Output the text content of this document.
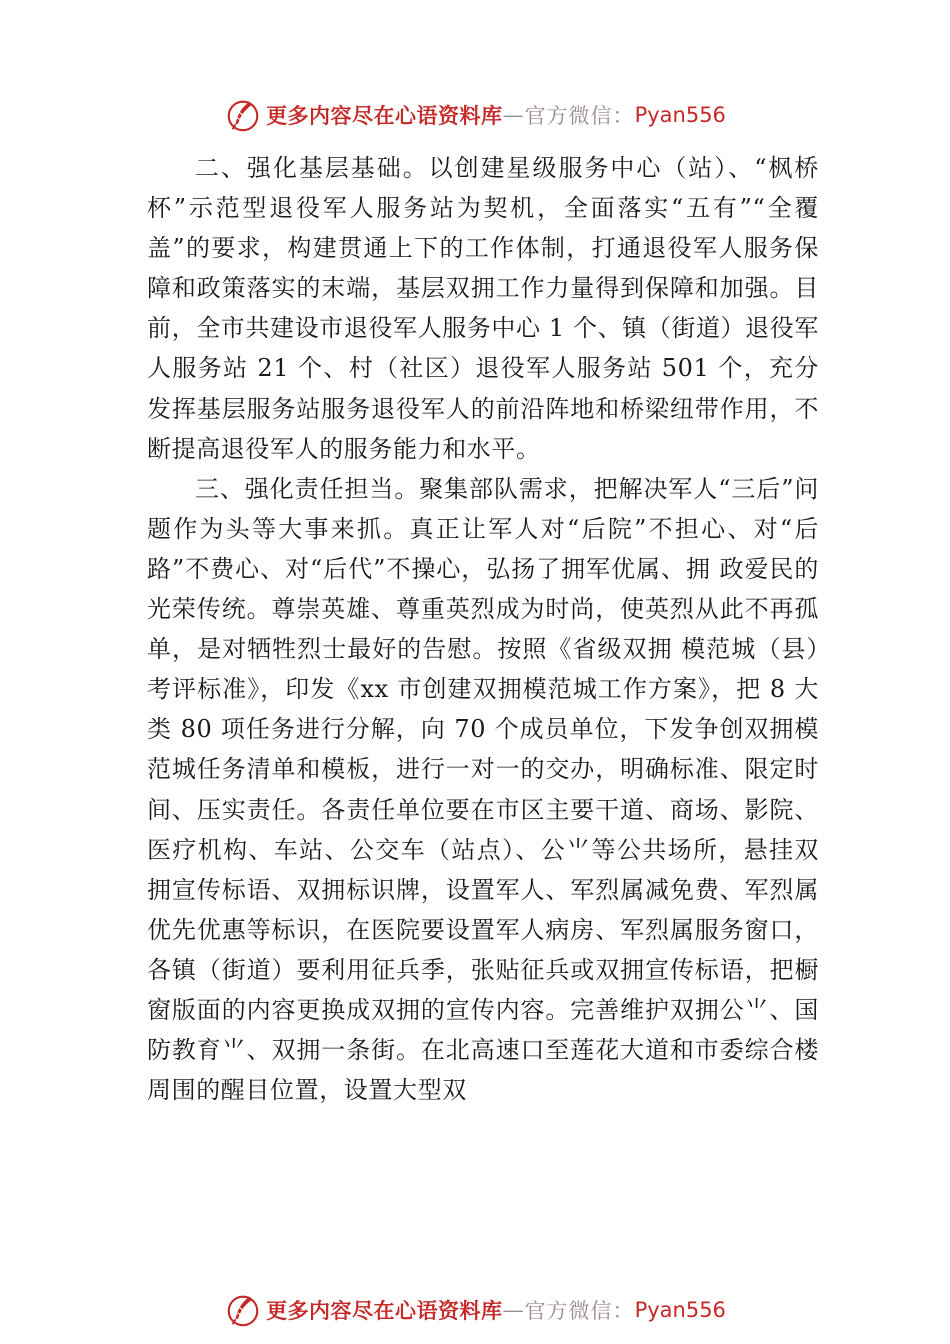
更多内容尽在心语资料库 — 官方微信： Pyan556

二、强化基层基础。以创建星级服务中心（站）、“枫桥杯”示范型退役军人服务站为契机，全面落实“五有”“全覆盖”的要求，构建贯通上下的工作体制，打通退役军人服务保障和政策落实的末端，基层双拥工作力量得到保障和加强。目前，全市共建设市退役军人服务中心 1 个、镇（街道）退役军人服务站 21 个、村（社区）退役军人服务站 501 个，充分发挥基层服务站服务退役军人的前沿阵地和桥梁纽带作用，不断提高退役军人的服务能力和水平。

三、强化责任担当。聚集部队需求，把解决军人“三后”问题作为头等大事来抓。真正让军人对“后院”不担心、对“后路”不费心、对“后代”不操心，弘扬了拥军优属、拥 政爱民的光荣传统。尊崇英雄、尊重英烈成为时尚，使英烈从此不再孤单，是对牺牲烈士最好的告慰。按照《省级双拥 模范城（县）考评标准》，印发《xx 市创建双拥模范城工作方案》，把 8 大类 80 项任务进行分解，向 70 个成员单位，下发争创双拥模范城任务清单和模板，进行一对一的交办，明确标准、限定时间、压实责任。各责任单位要在市区主要干道、商场、影院、医疗机构、车站、公交车（站点）、公⺌等公共场所，悬挂双拥宣传标语、双拥标识牌，设置军人、军烈属减免费、军烈属优先优惠等标识，在医院要设置军人病房、军烈属服务窗口，各镇（街道）要利用征兵季，张贴征兵或双拥宣传标语，把橱窗版面的内容更换成双拥的宣传内容。完善维护双拥公⺌、国防教育⺌、双拥一条街。在北高速口至莲花大道和市委综合楼周围的醒目位置，设置大型双

更多内容尽在心语资料库 — 官方微信： Pyan556
